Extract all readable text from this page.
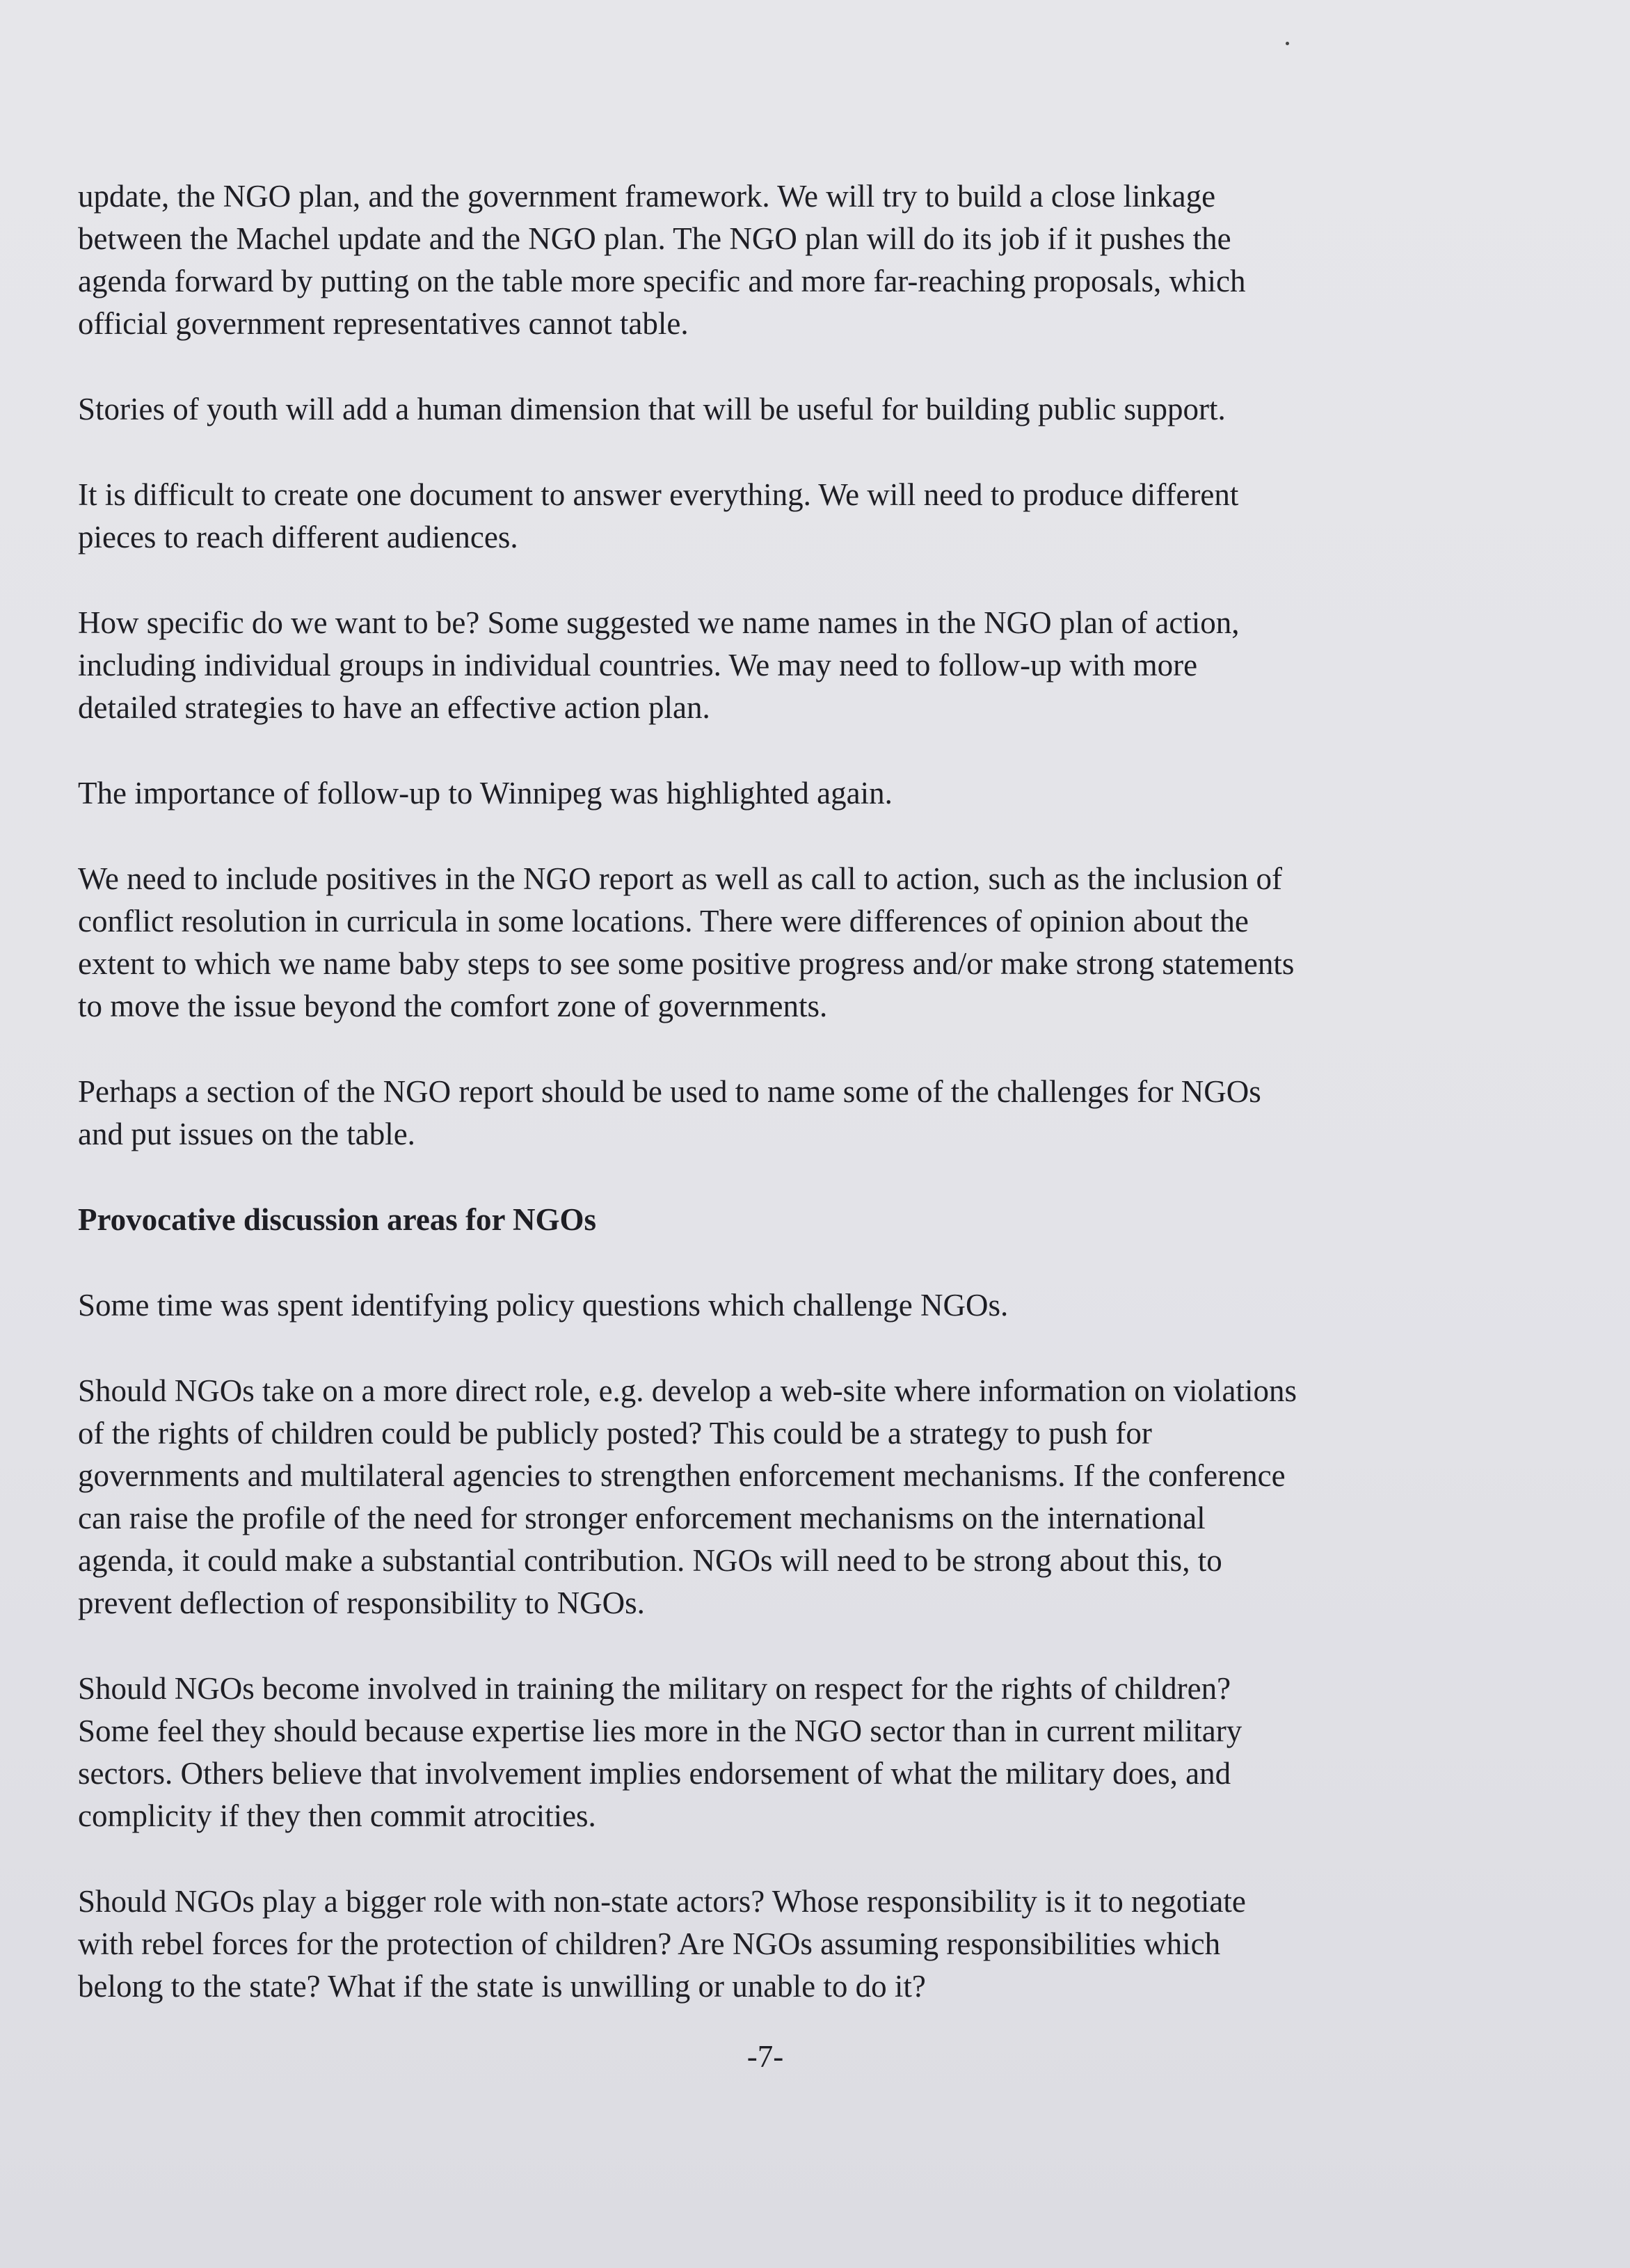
update, the NGO plan, and the government framework. We will try to build a close linkage
between the Machel update and the NGO plan. The NGO plan will do its job if it pushes the
agenda forward by putting on the table more specific and more far-reaching proposals, which
official government representatives cannot table.

Stories of youth will add a human dimension that will be useful for building public support.

It is difficult to create one document to answer everything. We will need to produce different
pieces to reach different audiences.

How specific do we want to be? Some suggested we name names in the NGO plan of action,
including individual groups in individual countries. We may need to follow-up with more
detailed strategies to have an effective action plan.

The importance of follow-up to Winnipeg was highlighted again.

We need to include positives in the NGO report as well as call to action, such as the inclusion of
conflict resolution in curricula in some locations. There were differences of opinion about the
extent to which we name baby steps to see some positive progress and/or make strong statements
to move the issue beyond the comfort zone of governments.

Perhaps a section of the NGO report should be used to name some of the challenges for NGOs
and put issues on the table.

Provocative discussion areas for NGOs

Some time was spent identifying policy questions which challenge NGOs.

Should NGOs take on a more direct role, e.g. develop a web-site where information on violations
of the rights of children could be publicly posted? This could be a strategy to push for
governments and multilateral agencies to strengthen enforcement mechanisms. If the conference
can raise the profile of the need for stronger enforcement mechanisms on the international
agenda, it could make a substantial contribution. NGOs will need to be strong about this, to
prevent deflection of responsibility to NGOs.

Should NGOs become involved in training the military on respect for the rights of children?
Some feel they should because expertise lies more in the NGO sector than in current military
sectors. Others believe that involvement implies endorsement of what the military does, and
complicity if they then commit atrocities.

Should NGOs play a bigger role with non-state actors? Whose responsibility is it to negotiate
with rebel forces for the protection of children? Are NGOs assuming responsibilities which
belong to the state? What if the state is unwilling or unable to do it?

-7-
